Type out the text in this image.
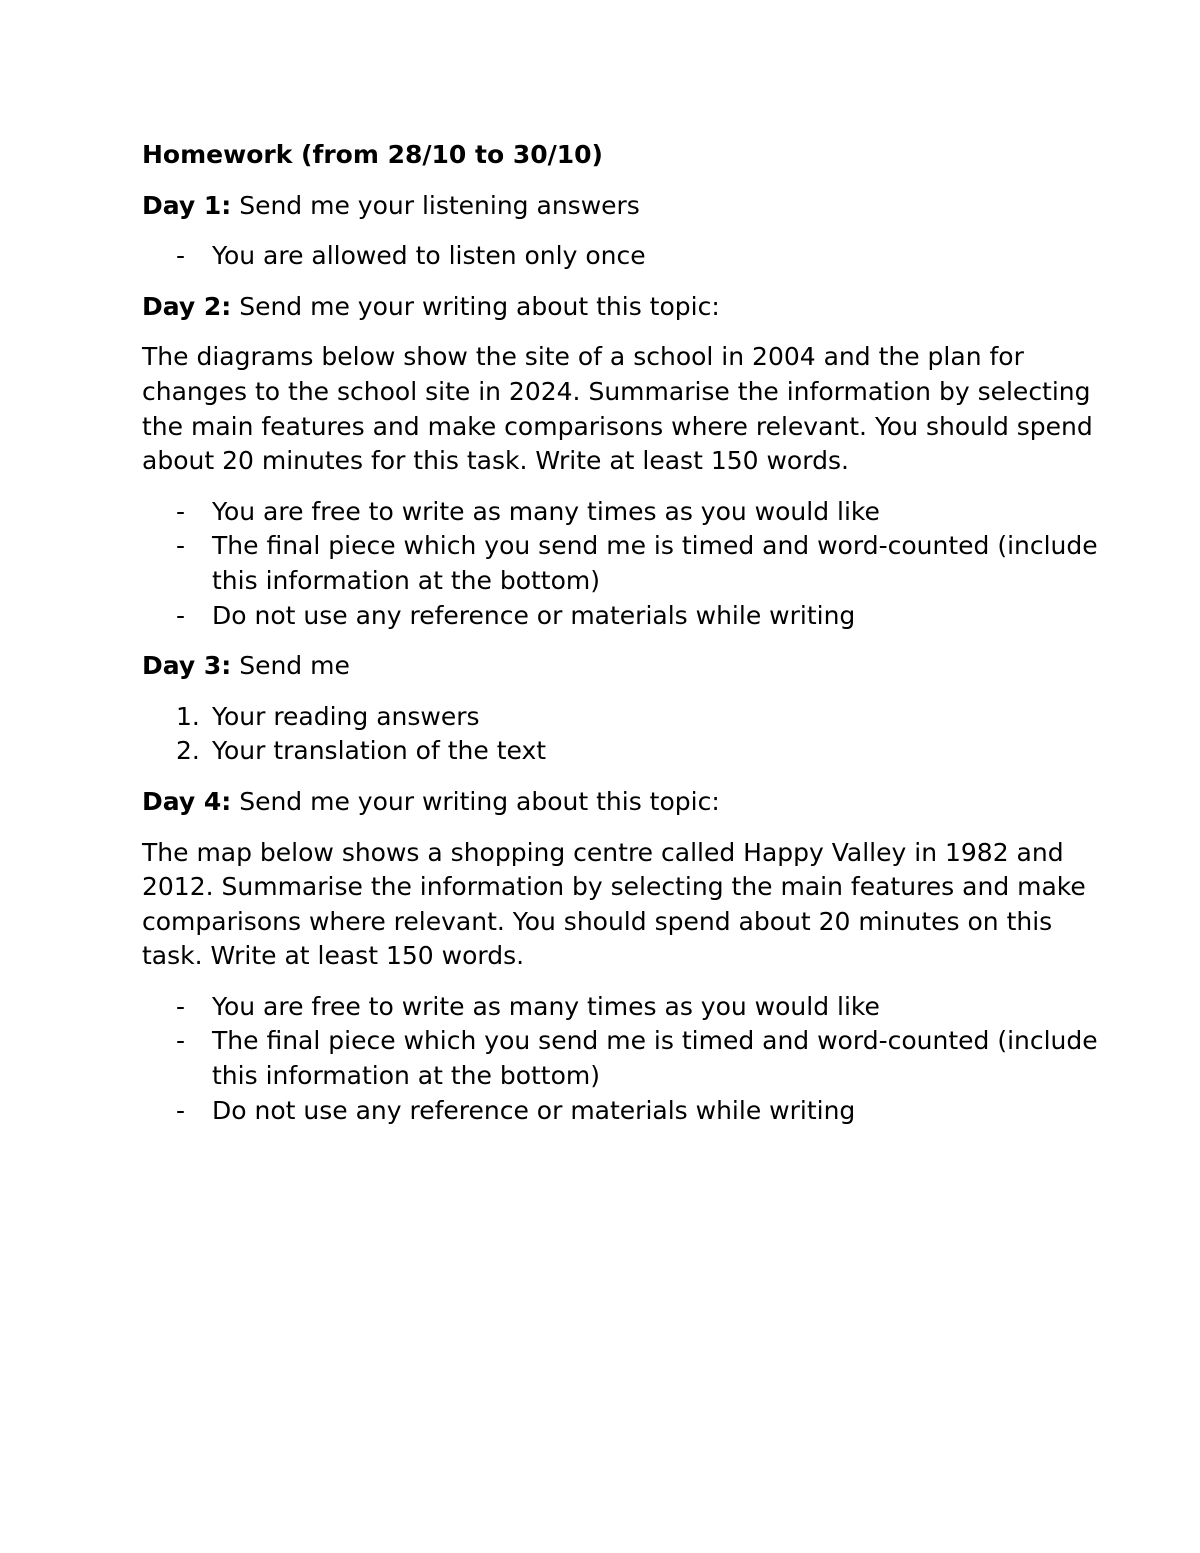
Homework (from 28/10 to 30/10)

Day 1: Send me your listening answers

- You are allowed to listen only once

Day 2: Send me your writing about this topic:

The diagrams below show the site of a school in 2004 and the plan for changes to the school site in 2024. Summarise the information by selecting the main features and make comparisons where relevant. You should spend about 20 minutes for this task. Write at least 150 words.

- You are free to write as many times as you would like
- The final piece which you send me is timed and word-counted (include this information at the bottom)
- Do not use any reference or materials while writing

Day 3: Send me

1. Your reading answers
2. Your translation of the text

Day 4: Send me your writing about this topic:

The map below shows a shopping centre called Happy Valley in 1982 and 2012. Summarise the information by selecting the main features and make comparisons where relevant. You should spend about 20 minutes on this task. Write at least 150 words.

- You are free to write as many times as you would like
- The final piece which you send me is timed and word-counted (include this information at the bottom)
- Do not use any reference or materials while writing
